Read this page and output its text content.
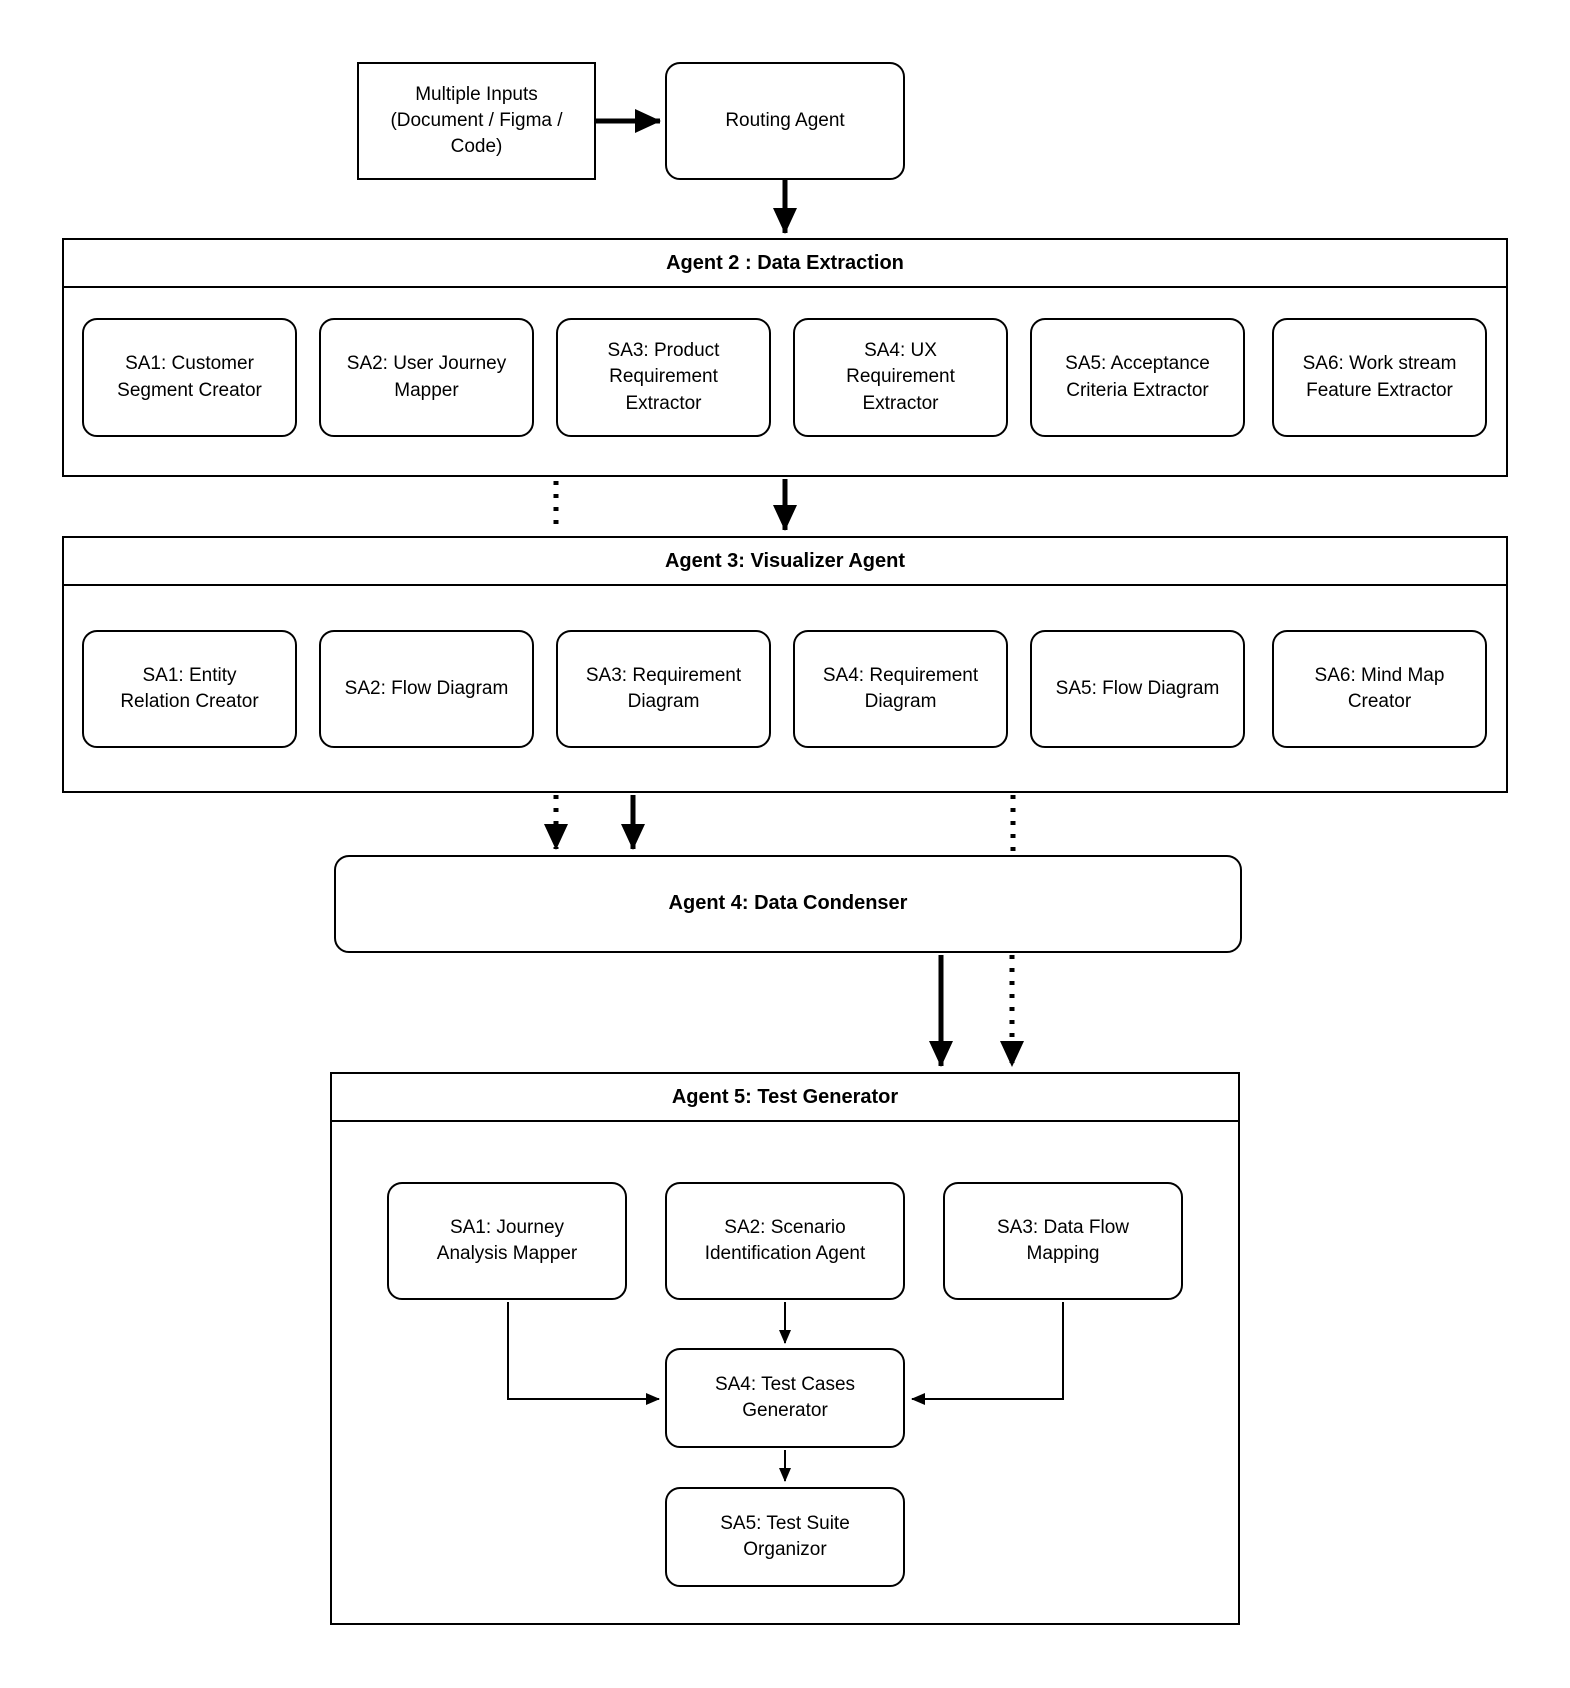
Multiple Inputs (Document / Figma / Code)
Routing Agent
Agent 2 : Data Extraction
SA1: Customer Segment Creator
SA2: User Journey Mapper
SA3: Product Requirement Extractor
SA4: UX Requirement Extractor
SA5: Acceptance Criteria Extractor
SA6: Work stream Feature Extractor
Agent 3: Visualizer Agent
SA1: Entity Relation Creator
SA2: Flow Diagram
SA3: Requirement Diagram
SA4: Requirement Diagram
SA5: Flow Diagram
SA6: Mind Map Creator
Agent 4: Data Condenser
Agent 5: Test Generator
SA1: Journey Analysis Mapper
SA2: Scenario Identification Agent
SA3: Data Flow Mapping
SA4: Test Cases Generator
SA5: Test Suite Organizor
